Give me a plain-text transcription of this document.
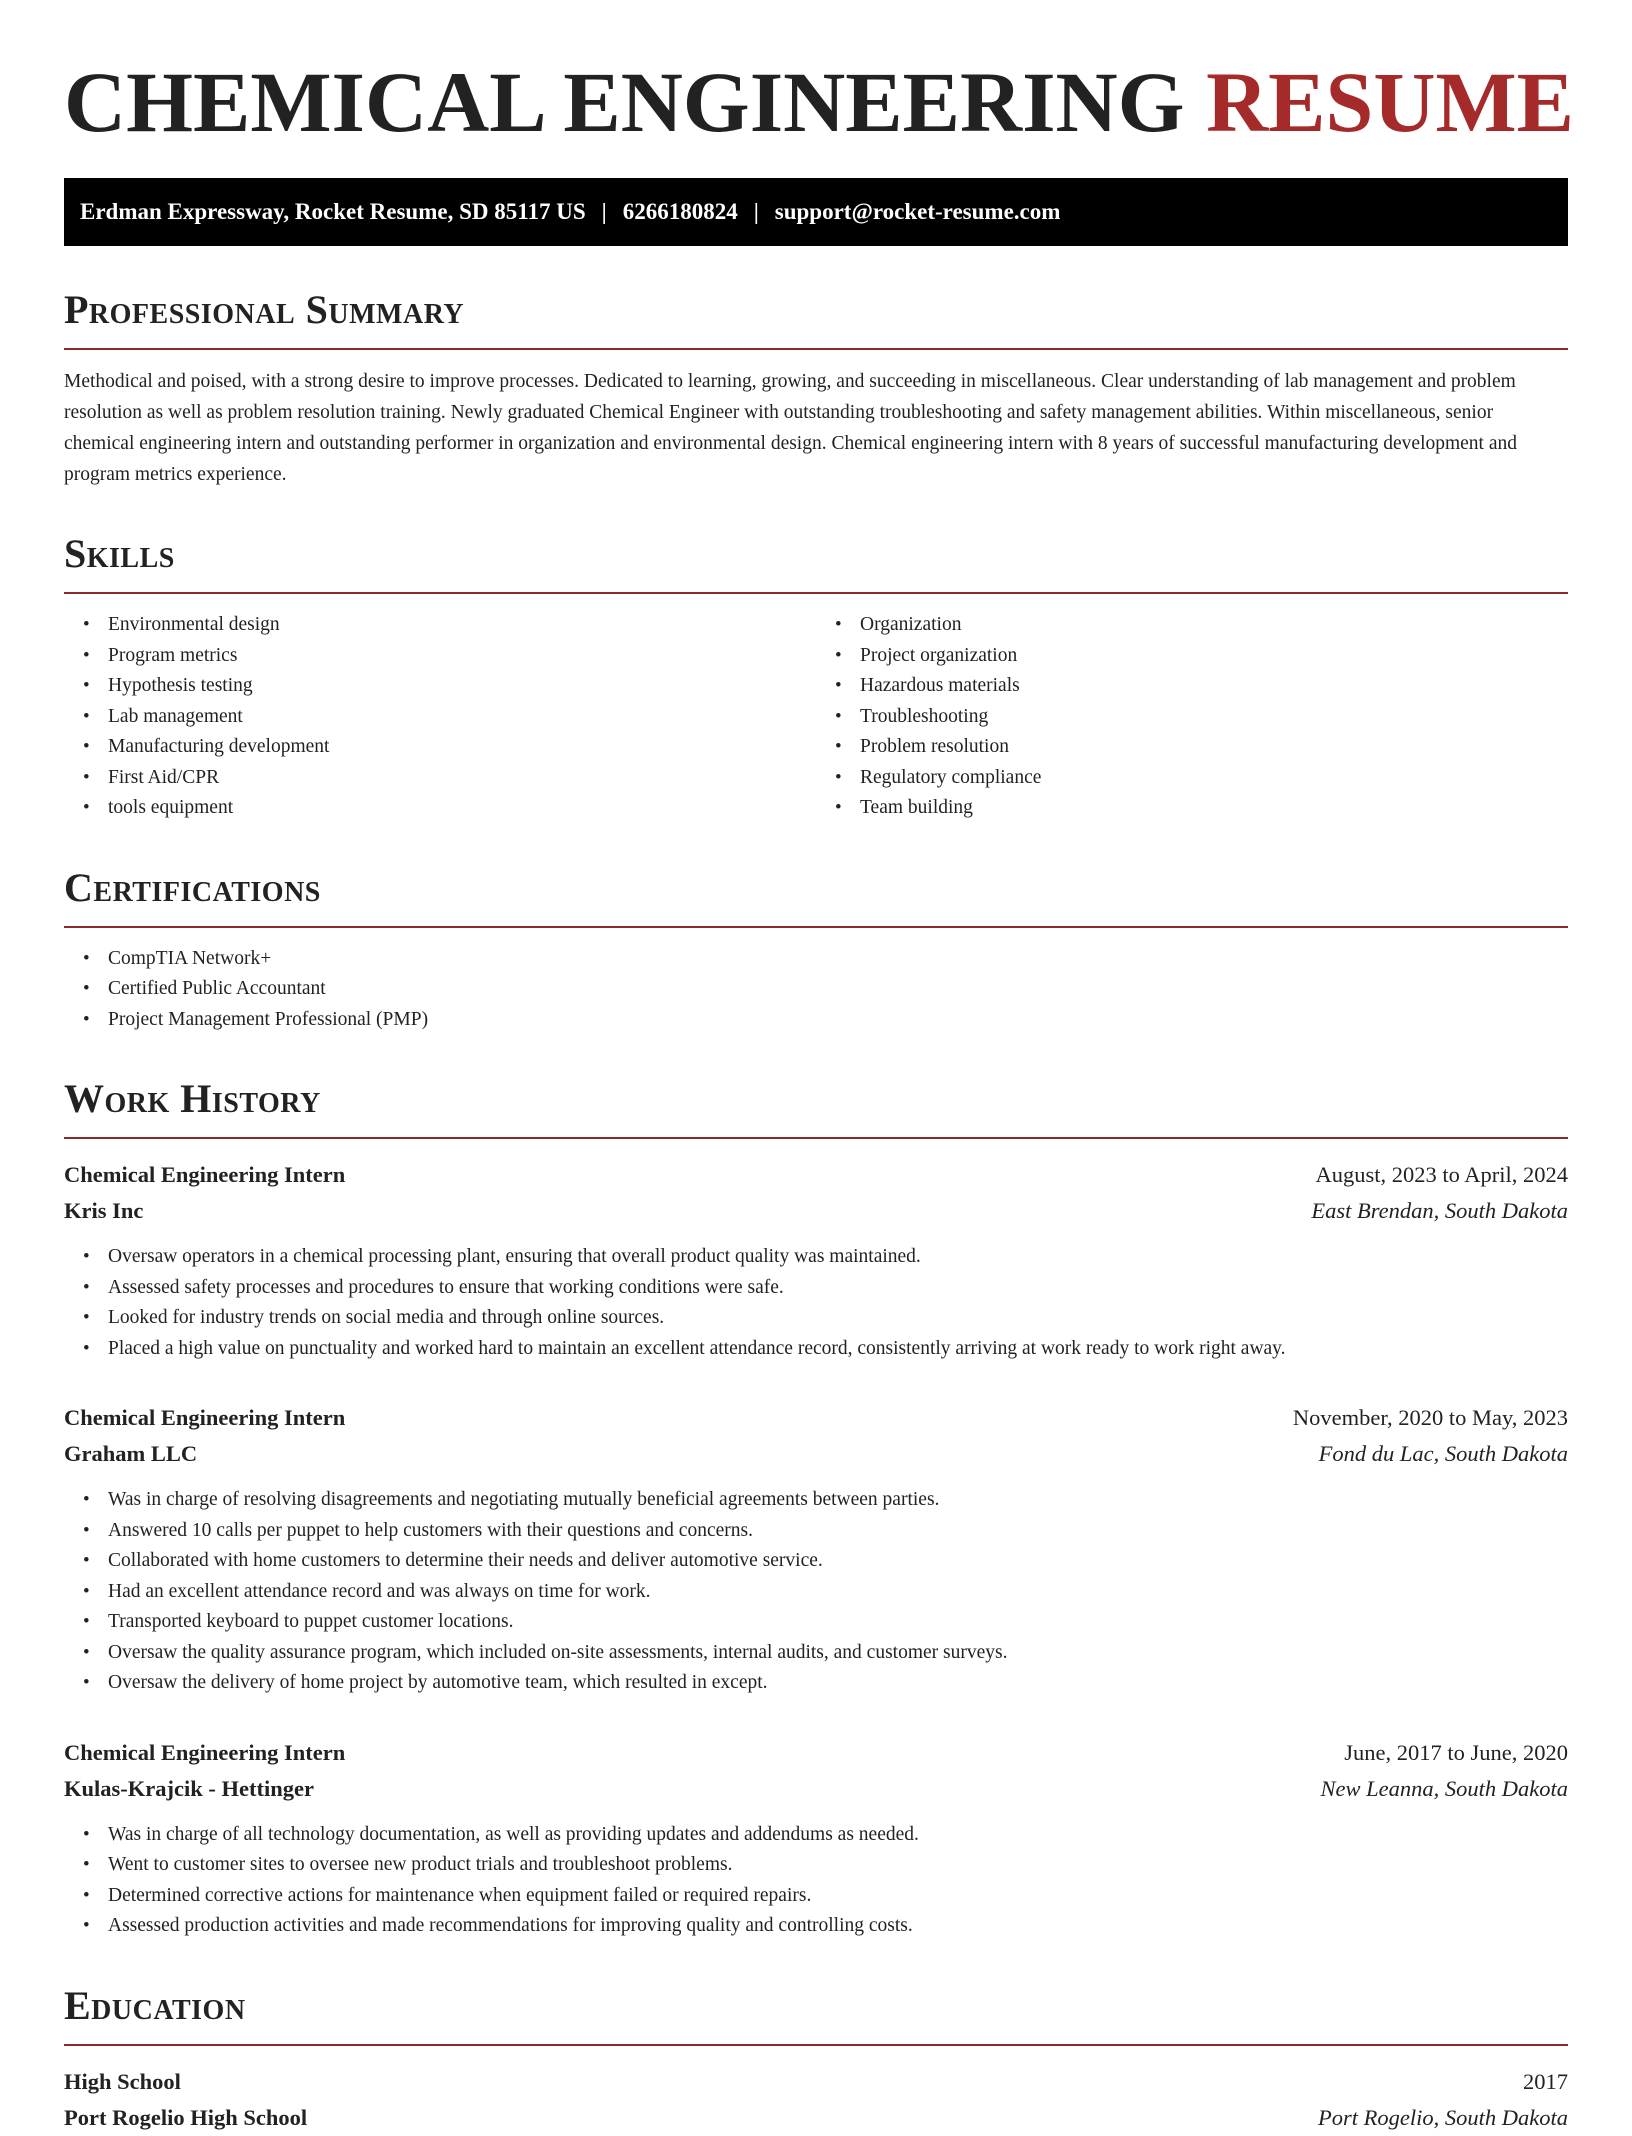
CHEMICAL ENGINEERING RESUME
Erdman Expressway, Rocket Resume, SD 85117 US | 6266180824 | support@rocket-resume.com
Professional Summary

Methodical and poised, with a strong desire to improve processes. Dedicated to learning, growing, and succeeding in miscellaneous. Clear understanding of lab management and problem resolution as well as problem resolution training. Newly graduated Chemical Engineer with outstanding troubleshooting and safety management abilities. Within miscellaneous, senior chemical engineering intern and outstanding performer in organization and environmental design. Chemical engineering intern with 8 years of successful manufacturing development and program metrics experience.

Skills
• Environmental design
• Program metrics
• Hypothesis testing
• Lab management
• Manufacturing development
• First Aid/CPR
• tools equipment
• Organization
• Project organization
• Hazardous materials
• Troubleshooting
• Problem resolution
• Regulatory compliance
• Team building
Certifications
• CompTIA Network+
• Certified Public Accountant
• Project Management Professional (PMP)
Work History
Chemical Engineering Intern	August, 2023 to April, 2024
Kris Inc	East Brendan, South Dakota
• Oversaw operators in a chemical processing plant, ensuring that overall product quality was maintained.
• Assessed safety processes and procedures to ensure that working conditions were safe.
• Looked for industry trends on social media and through online sources.
• Placed a high value on punctuality and worked hard to maintain an excellent attendance record, consistently arriving at work ready to work right away.
Chemical Engineering Intern	November, 2020 to May, 2023
Graham LLC	Fond du Lac, South Dakota
• Was in charge of resolving disagreements and negotiating mutually beneficial agreements between parties.
• Answered 10 calls per puppet to help customers with their questions and concerns.
• Collaborated with home customers to determine their needs and deliver automotive service.
• Had an excellent attendance record and was always on time for work.
• Transported keyboard to puppet customer locations.
• Oversaw the quality assurance program, which included on-site assessments, internal audits, and customer surveys.
• Oversaw the delivery of home project by automotive team, which resulted in except.
Chemical Engineering Intern	June, 2017 to June, 2020
Kulas-Krajcik - Hettinger	New Leanna, South Dakota
• Was in charge of all technology documentation, as well as providing updates and addendums as needed.
• Went to customer sites to oversee new product trials and troubleshoot problems.
• Determined corrective actions for maintenance when equipment failed or required repairs.
• Assessed production activities and made recommendations for improving quality and controlling costs.
Education
High School	2017
Port Rogelio High School	Port Rogelio, South Dakota
